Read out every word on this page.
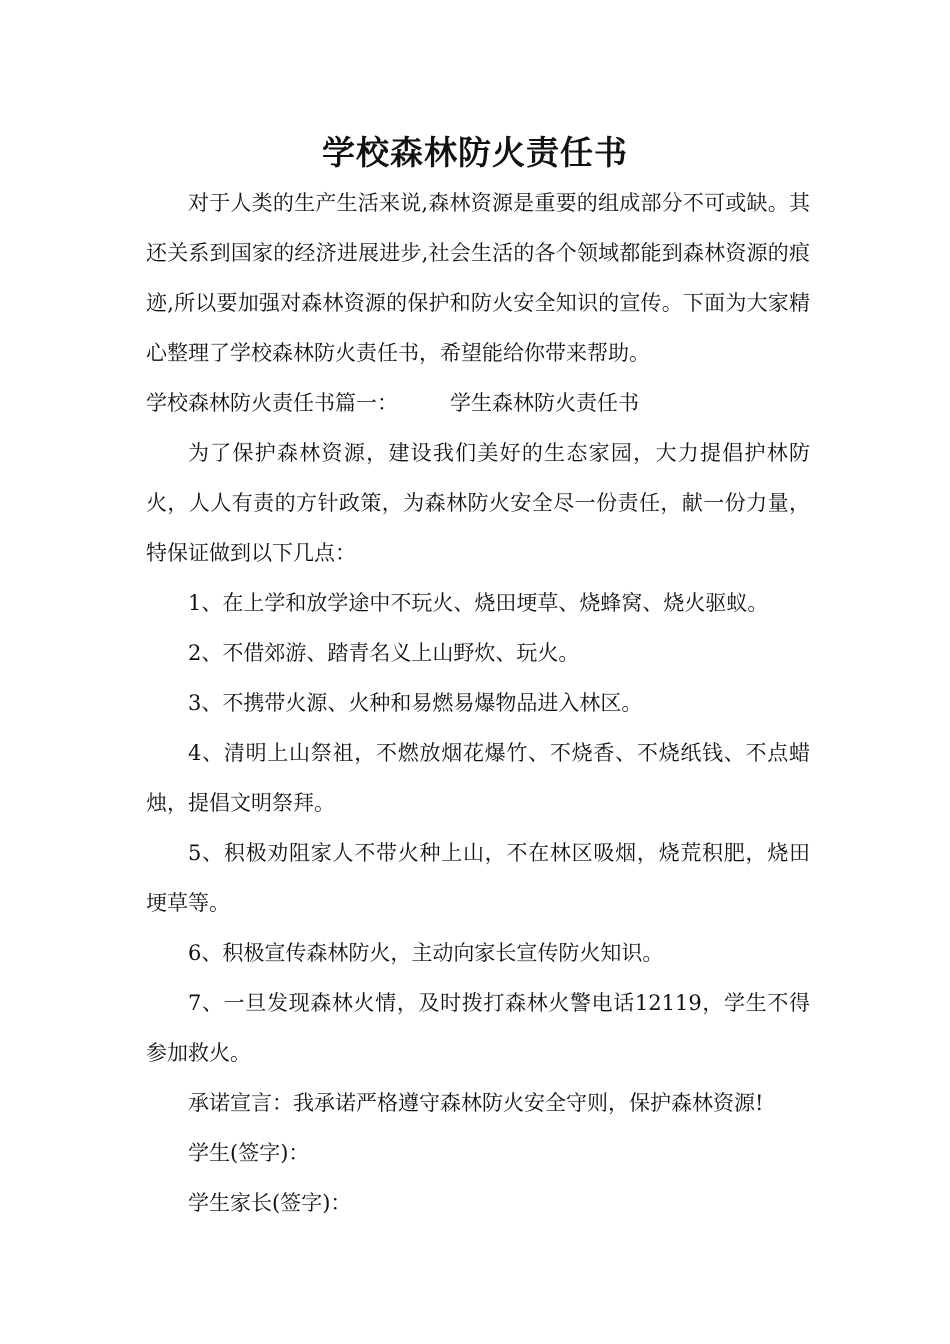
学校森林防火责任书

对于人类的生产生活来说,森林资源是重要的组成部分不可或缺。其还关系到国家的经济进展进步,社会生活的各个领域都能到森林资源的痕迹,所以要加强对森林资源的保护和防火安全知识的宣传。下面为大家精心整理了学校森林防火责任书，希望能给你带来帮助。

学校森林防火责任书篇一： 学生森林防火责任书

为了保护森林资源，建设我们美好的生态家园，大力提倡护林防火，人人有责的方针政策，为森林防火安全尽一份责任，献一份力量，特保证做到以下几点：

1、在上学和放学途中不玩火、烧田埂草、烧蜂窝、烧火驱蚁。

2、不借郊游、踏青名义上山野炊、玩火。

3、不携带火源、火种和易燃易爆物品进入林区。

4、清明上山祭祖，不燃放烟花爆竹、不烧香、不烧纸钱、不点蜡烛，提倡文明祭拜。

5、积极劝阻家人不带火种上山，不在林区吸烟，烧荒积肥，烧田埂草等。

6、积极宣传森林防火，主动向家长宣传防火知识。

7、一旦发现森林火情，及时拨打森林火警电话12119，学生不得参加救火。

承诺宣言：我承诺严格遵守森林防火安全守则，保护森林资源!

学生(签字)：

学生家长(签字)：
